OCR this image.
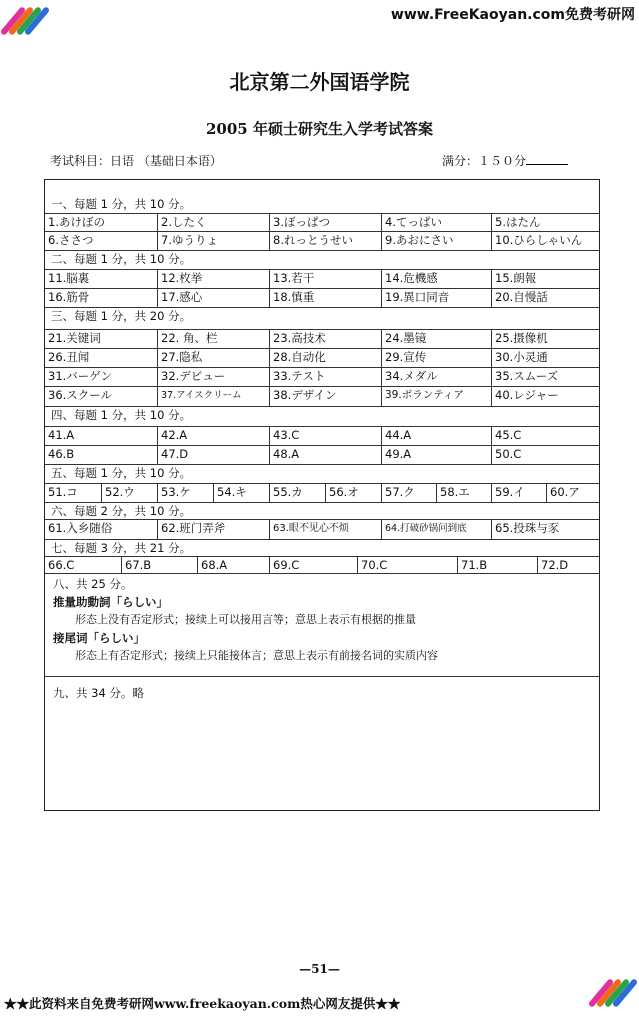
www.FreeKaoyan.com免费考研网
北京第二外国语学院
2005 年硕士研究生入学考试答案
考试科目：日语 （基础日本语）	满分：１５０分
一、每题 1 分，共 10 分。
1.あけぼの	2.したく	3.ぼっぱつ	4.てっぱい	5.はたん
6.ささつ	7.ゆうりょ	8.れっとうせい	9.あおにさい	10.ひらしゃいん
二、每题 1 分，共 10 分。
11.脳裏	12.枚挙	13.若干	14.危機感	15.朗報
16.筋骨	17.感心	18.慎重	19.異口同音	20.自慢話
三、每题 1 分，共 20 分。
21.关键词	22. 角、栏	23.高技术	24.墨镜	25.摄像机
26.丑闻	27.隐私	28.自动化	29.宣传	30.小灵通
31.バーゲン	32.デビュー	33.テスト	34.メダル	35.スムーズ
36.スクール	37.アイスクリーム	38.デザイン	39.ボランティア	40.レジャー
四、每题 1 分，共 10 分。
41.A	42.A	43.C	44.A	45.C
46.B	47.D	48.A	49.A	50.C
五、每题 1 分，共 10 分。
51.コ	52.ウ	53.ケ	54.キ	55.カ	56.オ	57.ク	58.エ	59.イ	60.ア
六、每题 2 分，共 10 分。
61.入乡随俗	62.班门弄斧	63.眼不见心不烦	64.打破砂锅问到底	65.投珠与豕
七、每题 3 分，共 21 分。
66.C	67.B	68.A	69.C	70.C	71.B	72.D
八、共 25 分。
推量助動詞「らしい」
形态上没有否定形式；接续上可以接用言等；意思上表示有根据的推量
接尾词「らしい」
形态上有否定形式；接续上只能接体言；意思上表示有前接名词的实质内容
九、共 34 分。略
—51—
★★此资料来自免费考研网www.freekaoyan.com热心网友提供★★
